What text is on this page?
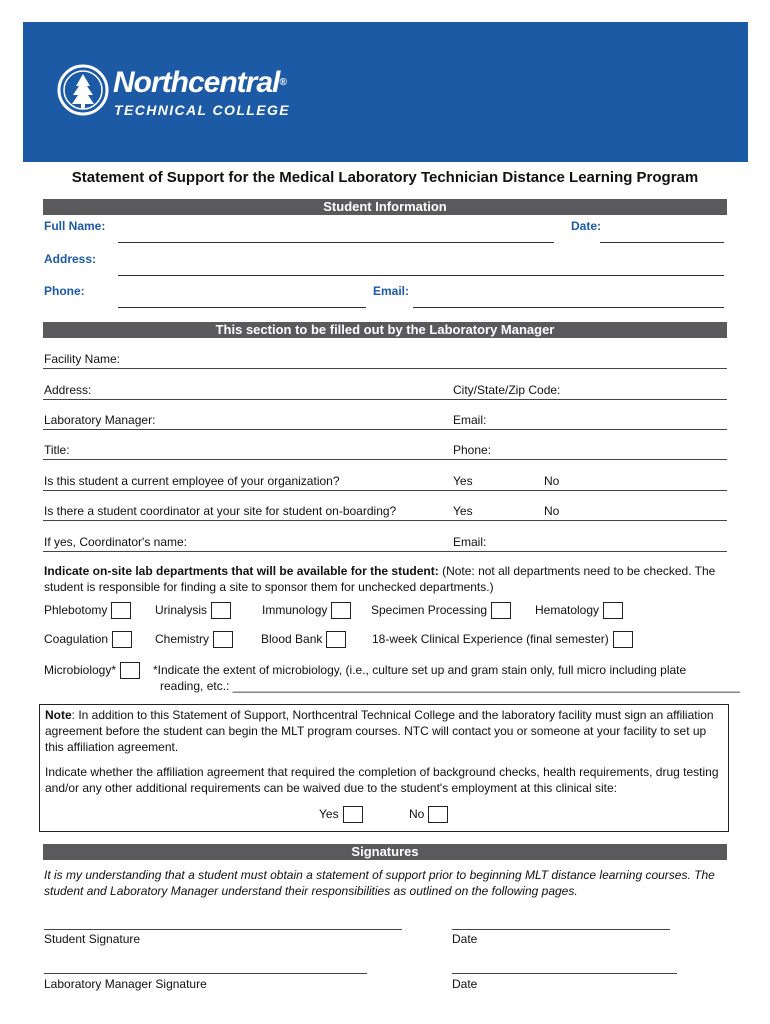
Northcentral®
TECHNICAL COLLEGE
Statement of Support for the Medical Laboratory Technician Distance Learning Program
Student Information
Full Name:	Date:
Address:
Phone:	Email:
This section to be filled out by the Laboratory Manager
Facility Name:
Address:	City/State/Zip Code:
Laboratory Manager:	Email:
Title:	Phone:
Is this student a current employee of your organization?	Yes	No
Is there a student coordinator at your site for student on-boarding?	Yes	No
If yes, Coordinator's name:	Email:
Indicate on-site lab departments that will be available for the student: (Note: not all departments need to be checked. The student is responsible for finding a site to sponsor them for unchecked departments.)
Phlebotomy	Urinalysis	Immunology	Specimen Processing	Hematology
Coagulation	Chemistry	Blood Bank	18-week Clinical Experience (final semester)
Microbiology*	*Indicate the extent of microbiology, (i.e., culture set up and gram stain only, full micro including plate
reading, etc.: ____________________________________________________________________________
Note: In addition to this Statement of Support, Northcentral Technical College and the laboratory facility must sign an affiliation agreement before the student can begin the MLT program courses. NTC will contact you or someone at your facility to set up this affiliation agreement.
Indicate whether the affiliation agreement that required the completion of background checks, health requirements, drug testing and/or any other additional requirements can be waived due to the student's employment at this clinical site:
Yes	No
Signatures
It is my understanding that a student must obtain a statement of support prior to beginning MLT distance learning courses. The student and Laboratory Manager understand their responsibilities as outlined on the following pages.
Student Signature	Date
Laboratory Manager Signature	Date
